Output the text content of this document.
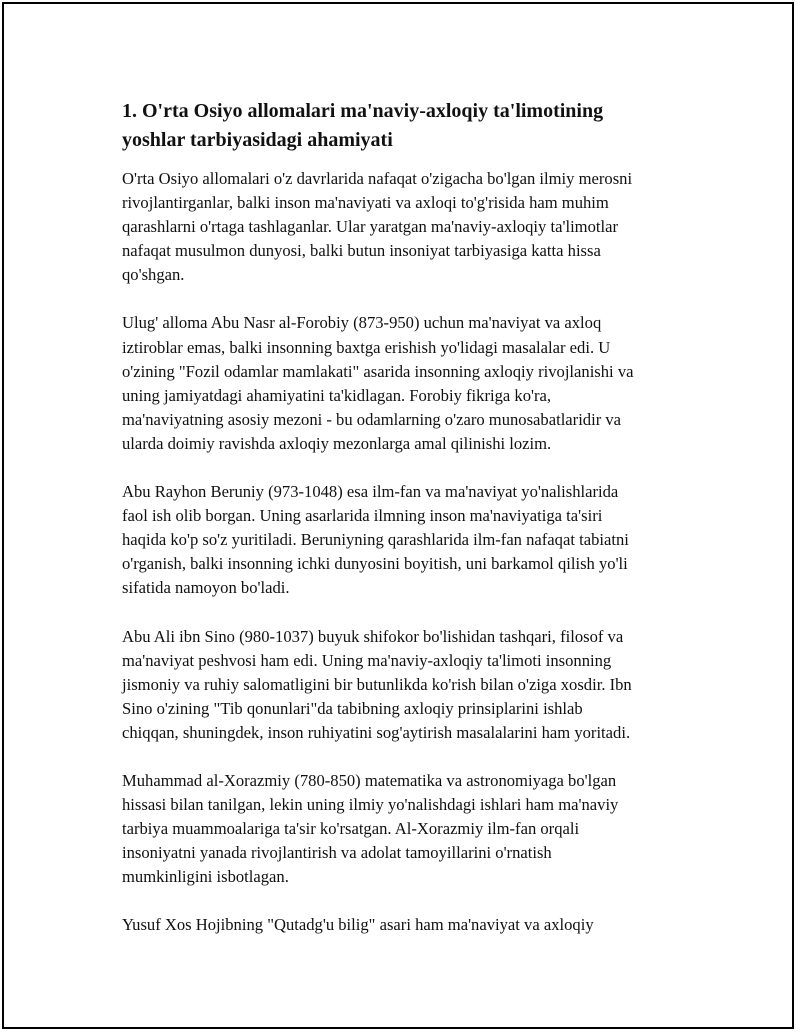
1. O'rta Osiyo allomalari ma'naviy-axloqiy ta'limotining
yoshlar tarbiyasidagi ahamiyati

O'rta Osiyo allomalari o'z davrlarida nafaqat o'zigacha bo'lgan ilmiy merosni
rivojlantirganlar, balki inson ma'naviyati va axloqi to'g'risida ham muhim
qarashlarni o'rtaga tashlaganlar. Ular yaratgan ma'naviy-axloqiy ta'limotlar
nafaqat musulmon dunyosi, balki butun insoniyat tarbiyasiga katta hissa
qo'shgan.

Ulug' alloma Abu Nasr al-Forobiy (873-950) uchun ma'naviyat va axloq
iztiroblar emas, balki insonning baxtga erishish yo'lidagi masalalar edi. U
o'zining "Fozil odamlar mamlakati" asarida insonning axloqiy rivojlanishi va
uning jamiyatdagi ahamiyatini ta'kidlagan. Forobiy fikriga ko'ra,
ma'naviyatning asosiy mezoni - bu odamlarning o'zaro munosabatlaridir va
ularda doimiy ravishda axloqiy mezonlarga amal qilinishi lozim.

Abu Rayhon Beruniy (973-1048) esa ilm-fan va ma'naviyat yo'nalishlarida
faol ish olib borgan. Uning asarlarida ilmning inson ma'naviyatiga ta'siri
haqida ko'p so'z yuritiladi. Beruniyning qarashlarida ilm-fan nafaqat tabiatni
o'rganish, balki insonning ichki dunyosini boyitish, uni barkamol qilish yo'li
sifatida namoyon bo'ladi.

Abu Ali ibn Sino (980-1037) buyuk shifokor bo'lishidan tashqari, filosof va
ma'naviyat peshvosi ham edi. Uning ma'naviy-axloqiy ta'limoti insonning
jismoniy va ruhiy salomatligini bir butunlikda ko'rish bilan o'ziga xosdir. Ibn
Sino o'zining "Tib qonunlari"da tabibning axloqiy prinsiplarini ishlab
chiqqan, shuningdek, inson ruhiyatini sog'aytirish masalalarini ham yoritadi.

Muhammad al-Xorazmiy (780-850) matematika va astronomiyaga bo'lgan
hissasi bilan tanilgan, lekin uning ilmiy yo'nalishdagi ishlari ham ma'naviy
tarbiya muammoalariga ta'sir ko'rsatgan. Al-Xorazmiy ilm-fan orqali
insoniyatni yanada rivojlantirish va adolat tamoyillarini o'rnatish
mumkinligini isbotlagan.

Yusuf Xos Hojibning "Qutadg'u bilig" asari ham ma'naviyat va axloqiy
